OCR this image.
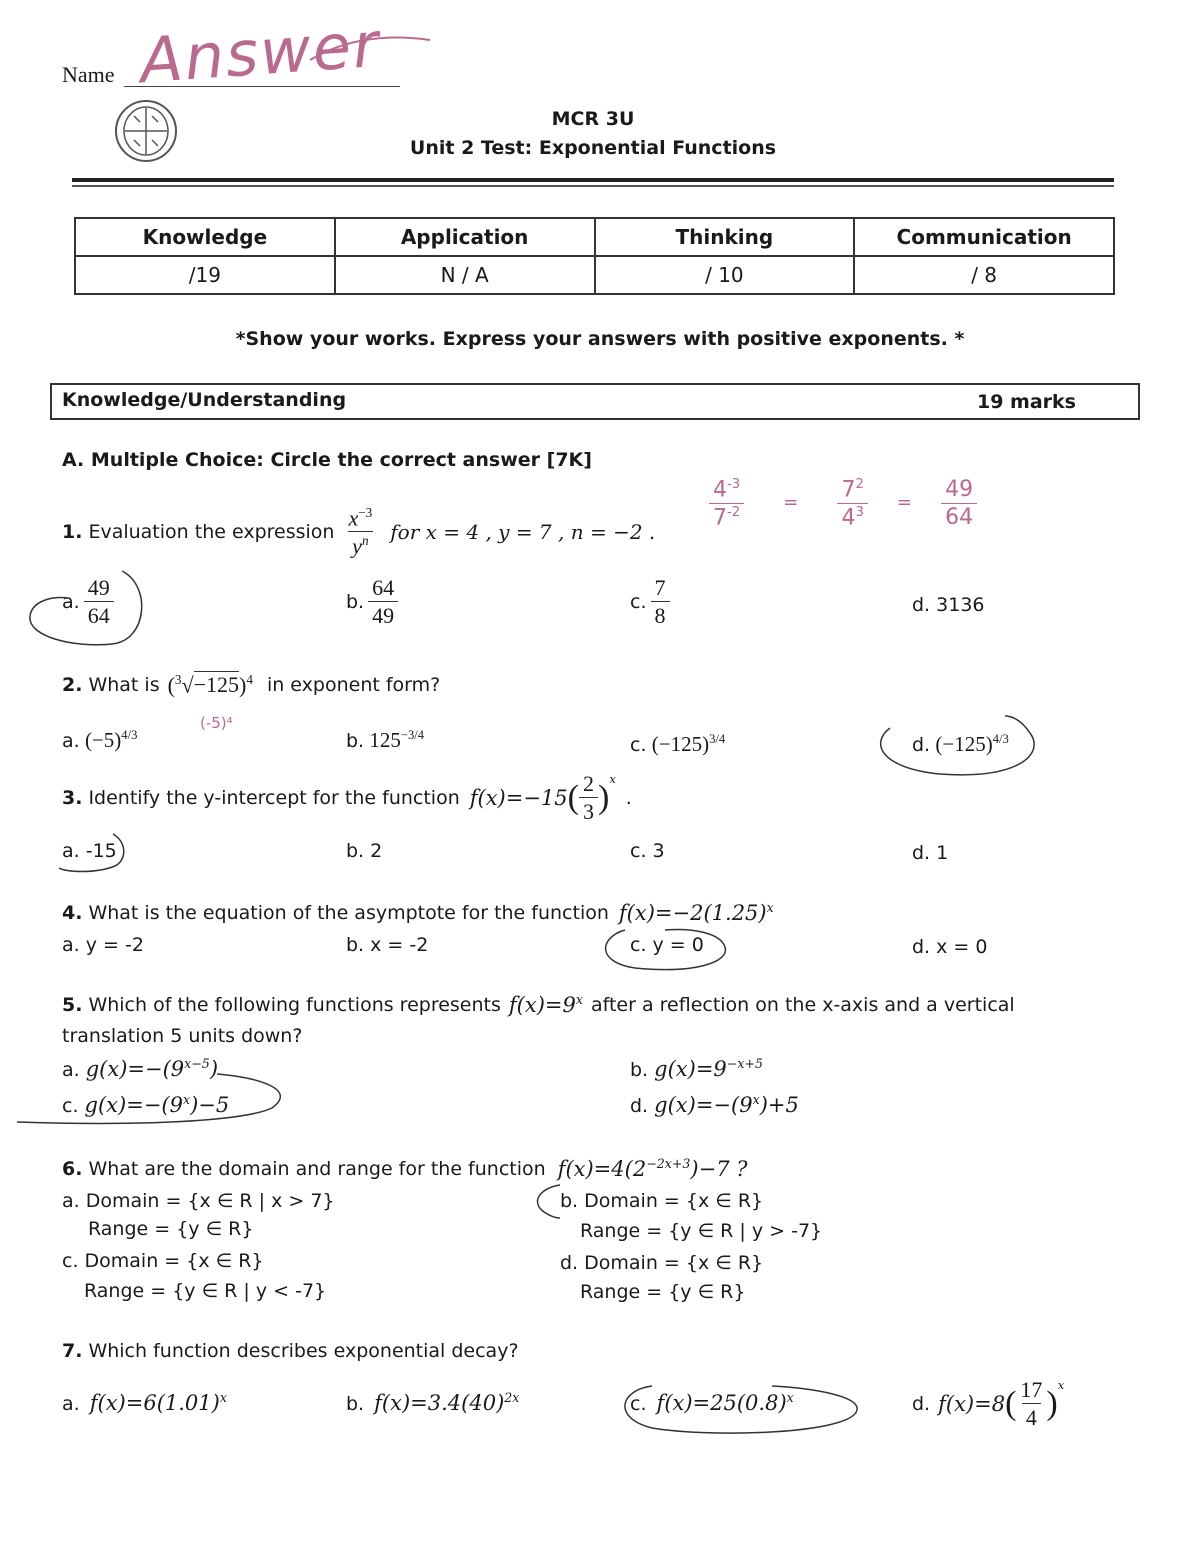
Name Answer
MCR 3U
Unit 2 Test: Exponential Functions
Knowledge	Application	Thinking	Communication
/19	N / A	/ 10	/ 8
*Show your works. Express your answers with positive exponents. *
Knowledge/Understanding	19 marks
A. Multiple Choice: Circle the correct answer [7K]
1. Evaluation the expression $\frac{x^{-3}}{y^n}$ for x = 4 , y = 7 , n = −2 .
$\frac{4^{-3}}{7^{-2}} = \frac{7^2}{4^3} = \frac{49}{64}$
a. $\frac{49}{64}$	b. $\frac{64}{49}$	c. $\frac{7}{8}$	d. 3136
2. What is $(^3√-125)^4$ in exponent form?
(-5)⁴
a. $(-5)^{4/3}$	b. $125^{-3/4}$	c. $(-125)^{3/4}$	d. $(-125)^{4/3}$
3. Identify the y-intercept for the function f(x)=−15 ( $\frac{2}{3} )^x$
.
a. -15	b. 2	c. 3	d. 1
4. What is the equation of the asymptote for the function $f(x)=-2(1.25)^x$
a. y = -2	b. x = -2	c. y = 0	d. x = 0
5. Which of the following functions represents $f(x)=9^x$ after a reflection on the x-axis and a vertical
translation 5 units down?
a. $g(x)=-(9^{x-5})$
c. $g(x)=-(9^x)-5$
b. $g(x)=9^{-x+5}$
d. $g(x)=-(9^x)+5$
6. What are the domain and range for the function $f(x)=4(2^{-2x+3})-7$ ?
a. Domain = {x ∈ R | x > 7}
Range = {y ∈ R}
c. Domain = {x ∈ R}
Range = {y ∈ R | y < -7}
b. Domain = {x ∈ R}
Range = {y ∈ R | y > -7}
d. Domain = {x ∈ R}
Range = {y ∈ R}
7. Which function describes exponential decay?
a. $f(x)=6(1.01)^x$	b. $f(x)=3.4(40)^{2x}$	c. $f(x)=25(0.8)^x$	d. f(x)=8 ( $\frac{17}{4} )^x$
